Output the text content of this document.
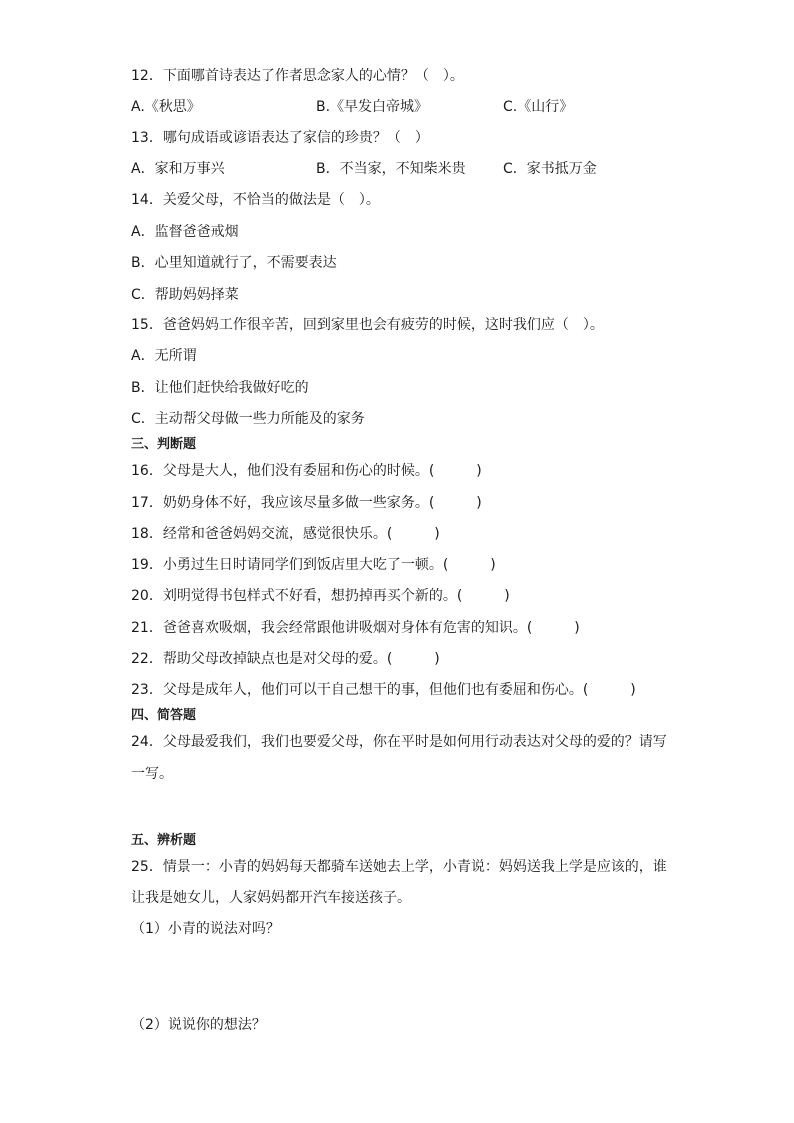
12．下面哪首诗表达了作者思念家人的心情？（　）。
A.《秋思》	B.《早发白帝城》	C.《山行》
13．哪句成语或谚语表达了家信的珍贵？（　）
A．家和万事兴	B．不当家，不知柴米贵	C．家书抵万金
14．关爱父母，不恰当的做法是（　）。
A．监督爸爸戒烟
B．心里知道就行了，不需要表达
C．帮助妈妈择菜
15．爸爸妈妈工作很辛苦，回到家里也会有疲劳的时候，这时我们应（　）。
A．无所谓
B．让他们赶快给我做好吃的
C．主动帮父母做一些力所能及的家务
三、判断题
16．父母是大人，他们没有委屈和伤心的时候。(　　　)
17．奶奶身体不好，我应该尽量多做一些家务。(　　　)
18．经常和爸爸妈妈交流，感觉很快乐。(　　　)
19．小勇过生日时请同学们到饭店里大吃了一顿。(　　　)
20．刘明觉得书包样式不好看，想扔掉再买个新的。(　　　)
21．爸爸喜欢吸烟，我会经常跟他讲吸烟对身体有危害的知识。(　　　)
22．帮助父母改掉缺点也是对父母的爱。(　　　)
23．父母是成年人，他们可以干自己想干的事，但他们也有委屈和伤心。(　　　)
四、简答题
24．父母最爱我们，我们也要爱父母，你在平时是如何用行动表达对父母的爱的？请写
一写。
五、辨析题
25．情景一：小青的妈妈每天都骑车送她去上学，小青说：妈妈送我上学是应该的，谁
让我是她女儿，人家妈妈都开汽车接送孩子。
（1）小青的说法对吗？
（2）说说你的想法？
